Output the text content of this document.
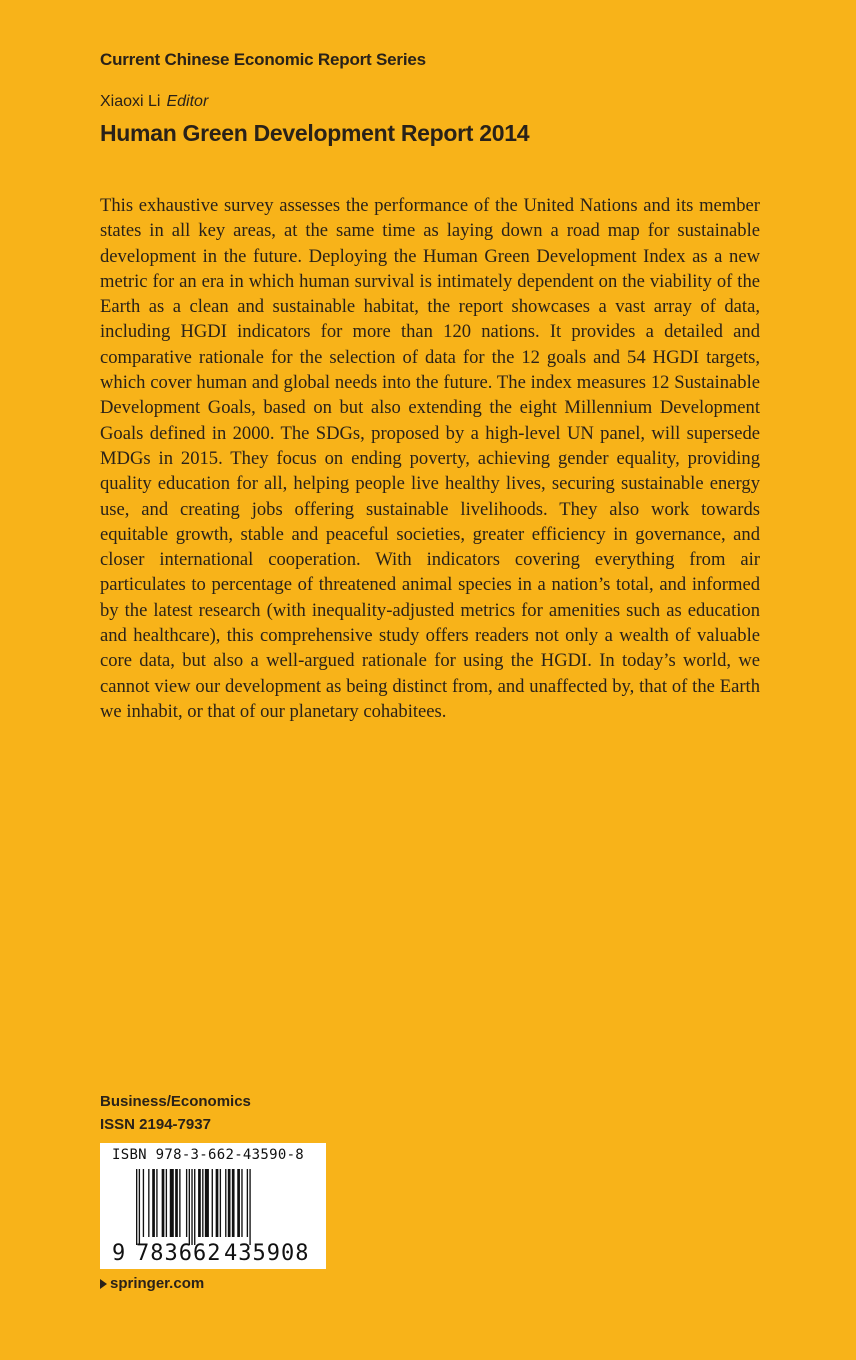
Current Chinese Economic Report Series
Xiaoxi Li Editor
Human Green Development Report 2014

This exhaustive survey assesses the performance of the United Nations and its member states in all key areas, at the same time as laying down a road map for sustainable development in the future. Deploying the Human Green Development Index as a new metric for an era in which human survival is intimately dependent on the viability of the Earth as a clean and sustainable habitat, the report showcases a vast array of data, including HGDI indicators for more than 120 nations. It provides a detailed and comparative rationale for the selection of data for the 12 goals and 54 HGDI targets, which cover human and global needs into the future. The index measures 12 Sustainable Development Goals, based on but also extending the eight Millennium Development Goals defined in 2000. The SDGs, proposed by a high-level UN panel, will supersede MDGs in 2015. They focus on ending poverty, achieving gender equality, providing quality education for all, helping people live healthy lives, securing sustainable energy use, and creating jobs offering sustainable livelihoods. They also work towards equitable growth, stable and peaceful societies, greater efficiency in governance, and closer international cooperation. With indicators covering everything from air particulates to percentage of threatened animal species in a nation’s total, and informed by the latest research (with inequality-adjusted metrics for amenities such as education and healthcare), this comprehensive study offers readers not only a wealth of valuable core data, but also a well-argued rationale for using the HGDI. In today’s world, we cannot view our development as being distinct from, and unaffected by, that of the Earth we inhabit, or that of our planetary cohabitees.

Business/Economics
ISSN 2194-7937
ISBN 978-3-662-43590-8
9 783662 435908
springer.com
